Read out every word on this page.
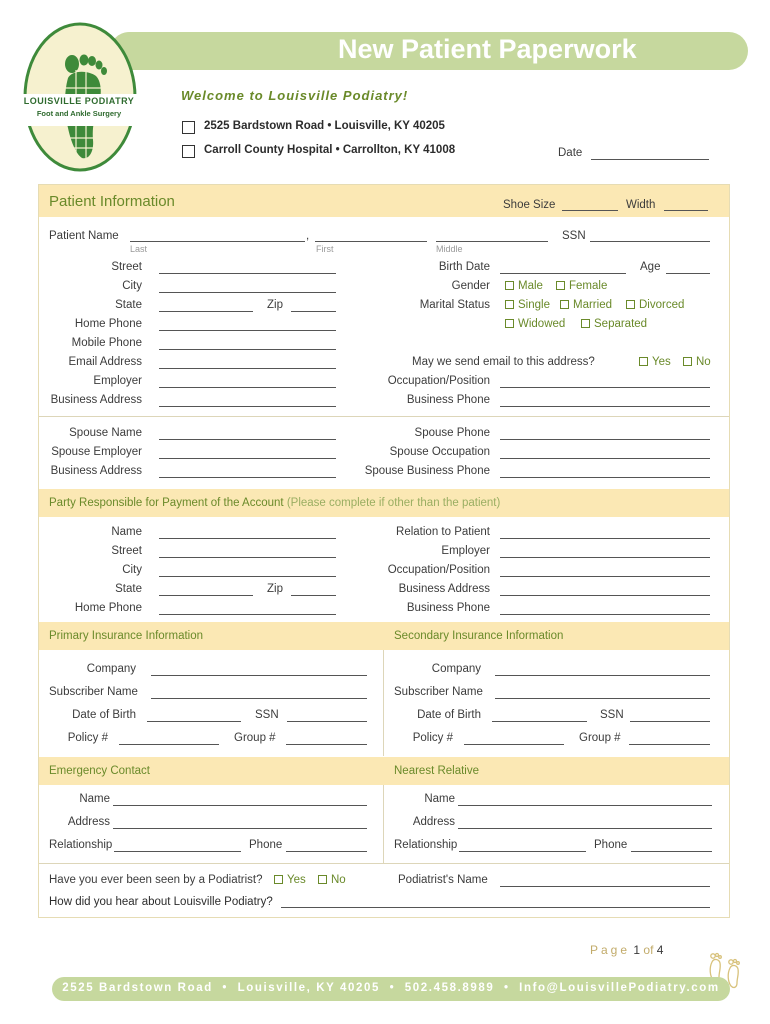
New Patient Paperwork
LOUISVILLE PODIATRY
Foot and Ankle Surgery
Welcome to Louisville Podiatry!
2525 Bardstown Road • Louisville, KY 40205
Carroll County Hospital • Carrollton, KY 41008	Date
Patient Information	Shoe Size	Width
Patient Name	,
Last	First	Middle
SSN
Street
City
State	Zip
Home Phone
Mobile Phone
Email Address
Employer
Business Address
Birth Date	Age
Gender Male Female
Marital Status Single Married Divorced
Widowed Separated
May we send email to this address?	Yes No
Occupation/Position
Business Phone
Spouse Name
Spouse Employer
Business Address
Spouse Phone
Spouse Occupation
Spouse Business Phone
Party Responsible for Payment of the Account (Please complete if other than the patient)
Name
Street
City
State	Zip
Home Phone
Relation to Patient
Employer
Occupation/Position
Business Address
Business Phone
Primary Insurance Information	Secondary Insurance Information
Company
Subscriber Name
Date of Birth	SSN
Policy #	Group #
Company
Subscriber Name
Date of Birth	SSN
Policy #	Group #
Emergency Contact	Nearest Relative
Name
Address
Relationship	Phone
Name
Address
Relationship	Phone
Have you ever been seen by a Podiatrist? Yes No	Podiatrist's Name
How did you hear about Louisville Podiatry?
Page 1 of 4
2525 Bardstown Road  •  Louisville, KY 40205  •  502.458.8989  •  Info@LouisvillePodiatry.com
